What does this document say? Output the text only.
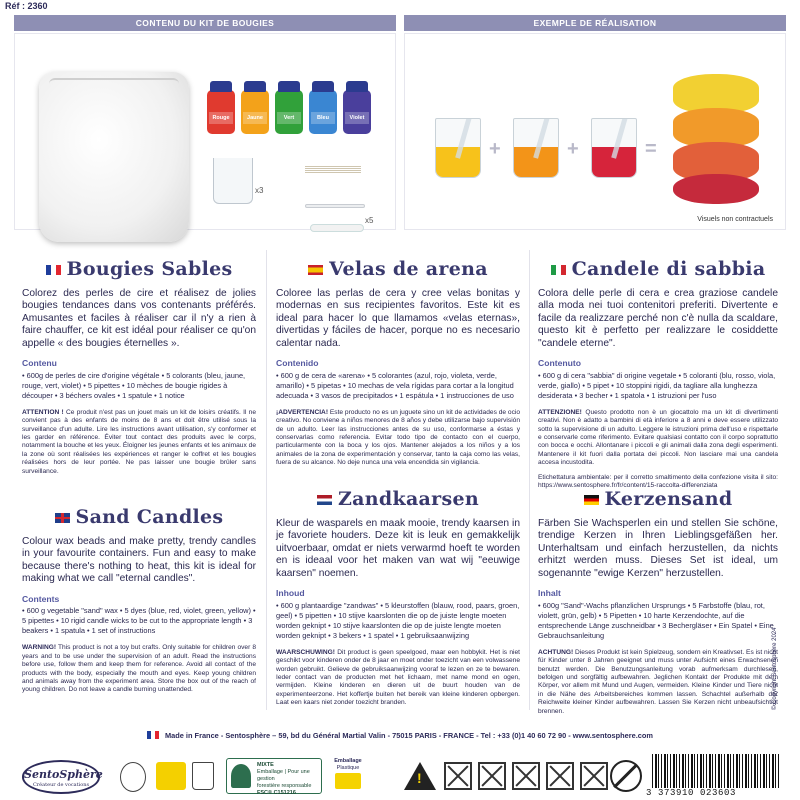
Réf : 2360
CONTENU DU KIT DE BOUGIES	EXEMPLE DE RÉALISATION
Rouge	Jaune	Vert	Bleu	Violet
x3
x5
+	+	=
Visuels non contractuels
Bougies Sables
Colorez des perles de cire et réalisez de jolies bougies tendances dans vos contenants préférés. Amusantes et faciles à réaliser car il n'y a rien à faire chauffer, ce kit est idéal pour réaliser ce qu'on appelle « des bougies éternelles ».
Contenu
• 600g de perles de cire d'origine végétale • 5 colorants (bleu, jaune, rouge, vert, violet) • 5 pipettes • 10 mèches de bougie rigides à découper • 3 béchers ovales • 1 spatule • 1 notice
ATTENTION ! Ce produit n'est pas un jouet mais un kit de loisirs créatifs. Il ne convient pas à des enfants de moins de 8 ans et doit être utilisé sous la surveillance d'un adulte. Lire les instructions avant utilisation, s'y conformer et les garder en référence. Éviter tout contact des produits avec le corps, notamment la bouche et les yeux. Éloigner les jeunes enfants et les animaux de la zone où sont réalisées les expériences et ranger le coffret et les bougies réalisées hors de leur portée. Ne pas laisser une bougie brûler sans surveillance.
Velas de arena
Coloree las perlas de cera y cree velas bonitas y modernas en sus recipientes favoritos. Este kit es ideal para hacer lo que llamamos «velas eternas», divertidas y fáciles de hacer, porque no es necesario calentar nada.
Contenido
• 600 g de cera de «arena» • 5 colorantes (azul, rojo, violeta, verde, amarillo) • 5 pipetas • 10 mechas de vela rígidas para cortar a la longitud adecuada • 3 vasos de precipitados • 1 espátula • 1 instrucciones de uso
¡ADVERTENCIA! Este producto no es un juguete sino un kit de actividades de ocio creativo. No conviene a niños menores de 8 años y debe utilizarse bajo supervisión de un adulto. Leer las instrucciones antes de su uso, conformarse a éstas y conservarlas como referencia. Evitar todo tipo de contacto con el cuerpo, particularmente con la boca y los ojos. Mantener alejados a los niños y a los animales de la zona de experimentación y conservar, tanto la caja como las velas, fuera de su alcance. No deje nunca una vela encendida sin vigilancia.
Candele di sabbia
Colora delle perle di cera e crea graziose candele alla moda nei tuoi contenitori preferiti. Divertente e facile da realizzare perché non c'è nulla da scaldare, questo kit è perfetto per realizzare le cosiddette "candele eterne".
Contenuto
• 600 g di cera "sabbia" di origine vegetale • 5 coloranti (blu, rosso, viola, verde, giallo) • 5 pipet • 10 stoppini rigidi, da tagliare alla lunghezza desiderata • 3 becher • 1 spatola • 1 istruzioni per l'uso
ATTENZIONE! Questo prodotto non è un giocattolo ma un kit di divertimenti creativi. Non è adatto a bambini di età inferiore a 8 anni e deve essere utilizzato sotto la supervisione di un adulto. Leggere le istruzioni prima dell'uso e rispettarle e conservarle come riferimento. Evitare qualsiasi contatto con il corpo soprattutto con bocca e occhi. Allontanare i piccoli e gli animali dalla zona degli esperimenti. Mantenere il kit fuori dalla portata dei piccoli. Non lasciare mai una candela accesa incustodita.
Etichettatura ambientale: per il corretto smaltimento della confezione visita il sito: https://www.sentosphere.fr/fr/content/15-raccolta-differenziata
Sand Candles
Colour wax beads and make pretty, trendy candles in your favourite containers. Fun and easy to make because there's nothing to heat, this kit is ideal for making what we call "eternal candles".
Contents
• 600 g vegetable "sand" wax • 5 dyes (blue, red, violet, green, yellow) • 5 pipettes • 10 rigid candle wicks to be cut to the appropriate length • 3 beakers • 1 spatula • 1 set of instructions
WARNING! This product is not a toy but crafts. Only suitable for children over 8 years and to be use under the supervision of an adult. Read the instructions before use, follow them and keep them for reference. Avoid all contact of the products with the body, especially the mouth and eyes. Keep young children and animals away from the experiment area. Store the box out of the reach of young children. Do not leave a candle burning unattended.
Zandkaarsen
Kleur de wasparels en maak mooie, trendy kaarsen in je favoriete houders. Deze kit is leuk en gemakkelijk uitvoerbaar, omdat er niets verwarmd hoeft te worden en is ideaal voor het maken van wat wij "eeuwige kaarsen" noemen.
Inhoud
• 600 g plantaardige "zandwas" • 5 kleurstoffen (blauw, rood, paars, groen, geel) • 5 pipetten • 10 stijve kaarslonten die op de juiste lengte moeten worden geknipt • 10 stijve kaarslonten die op de juiste lengte moeten worden geknipt • 3 bekers • 1 spatel • 1 gebruiksaanwijzing
WAARSCHUWING! Dit product is geen speelgoed, maar een hobbykit. Het is niet geschikt voor kinderen onder de 8 jaar en moet onder toezicht van een volwassene worden gebruikt. Gelieve de gebruiksaanwijzing vooraf te lezen en ze te bewaren. Ieder contact van de producten met het lichaam, met name mond en ogen, vermijden. Kleine kinderen en dieren uit de buurt houden van de experimenteerzone. Het koffertje buiten het bereik van kleine kinderen opbergen. Laat een kaars niet zonder toezicht branden.
Kerzensand
Färben Sie Wachsperlen ein und stellen Sie schöne, trendige Kerzen in Ihren Lieblingsgefäßen her. Unterhaltsam und einfach herzustellen, da nichts erhitzt werden muss. Dieses Set ist ideal, um sogenannte "ewige Kerzen" herzustellen.
Inhalt
• 600g "Sand"-Wachs pflanzlichen Ursprungs • 5 Farbstoffe (blau, rot, violett, grün, gelb) • 5 Pipetten • 10 harte Kerzendochte, auf die entsprechende Länge zuschneidbar • 3 Bechergläser • Ein Spatel • Eine Gebrauchsanleitung
ACHTUNG! Dieses Produkt ist kein Spielzeug, sondern ein Kreativset. Es ist nicht für Kinder unter 8 Jahren geeignet und muss unter Aufsicht eines Erwachsenen benutzt werden. Die Benutzungsanleitung vorab aufmerksam durchlesen, befolgen und sorgfältig aufbewahren. Jeglichen Kontakt der Produkte mit dem Körper, vor allem mit Mund und Augen, vermeiden. Kleine Kinder und Tiere nicht in die Nähe des Arbeitsbereiches kommen lassen. Schachtel außerhalb der Reichweite kleiner Kinder aufbewahren. Lassen Sie Kerzen nicht unbeaufsichtigt brennen.
Made in France - Sentosphère – 59, bd du Général Martial Valin - 75015 PARIS - FRANCE - Tel : +33 (0)1 40 60 72 90 - www.sentosphere.com
© Copyright Sentosphère 2024
SentoSphère
Créateur de vocations
MIXTE
Emballage | Pour une gestion
forestière responsable
FSC® C151216
Emballage
Plastique
!
3 373910 023603
